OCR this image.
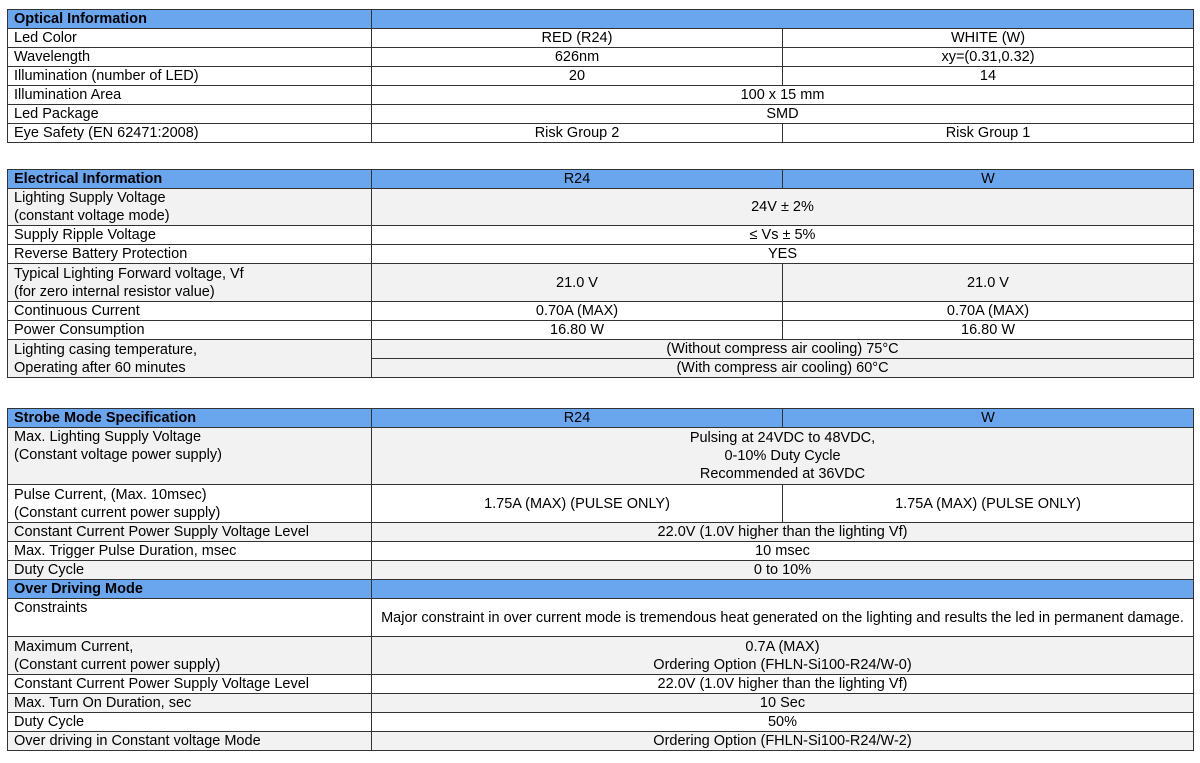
Optical Information		
Led Color	RED (R24)	WHITE (W)
Wavelength	626nm	xy=(0.31,0.32)
Illumination (number of LED)	20	14
Illumination Area	100 x 15 mm	
Led Package	SMD	
Eye Safety (EN 62471:2008)	Risk Group 2	Risk Group 1
Electrical Information	R24	W
Lighting Supply Voltage
(constant voltage mode)	24V ± 2%	
Supply Ripple Voltage	≤ Vs ± 5%	
Reverse Battery Protection	YES	
Typical Lighting Forward voltage, Vf
(for zero internal resistor value)	21.0 V	21.0 V
Continuous Current	0.70A (MAX)	0.70A (MAX)
Power Consumption	16.80 W	16.80 W
Lighting casing temperature,
Operating after 60 minutes	(Without compress air cooling) 75°C	
	(With compress air cooling) 60°C	
Strobe Mode Specification	R24	W
Max. Lighting Supply Voltage
(Constant voltage power supply)	Pulsing at 24VDC to 48VDC,
0-10% Duty Cycle
Recommended at 36VDC	
Pulse Current, (Max. 10msec)
(Constant current power supply)	1.75A (MAX) (PULSE ONLY)	1.75A (MAX) (PULSE ONLY)
Constant Current Power Supply Voltage Level	22.0V (1.0V higher than the lighting Vf)	
Max. Trigger Pulse Duration, msec	10 msec	
Duty Cycle	0 to 10%	
Over Driving Mode		
Constraints	Major constraint in over current mode is tremendous heat generated on the lighting and results the led in permanent damage.	
Maximum Current,
(Constant current power supply)	0.7A (MAX)
Ordering Option (FHLN-Si100-R24/W-0)	
Constant Current Power Supply Voltage Level	22.0V (1.0V higher than the lighting Vf)	
Max. Turn On Duration, sec	10 Sec	
Duty Cycle	50%	
Over driving in Constant voltage Mode	Ordering Option (FHLN-Si100-R24/W-2)	
